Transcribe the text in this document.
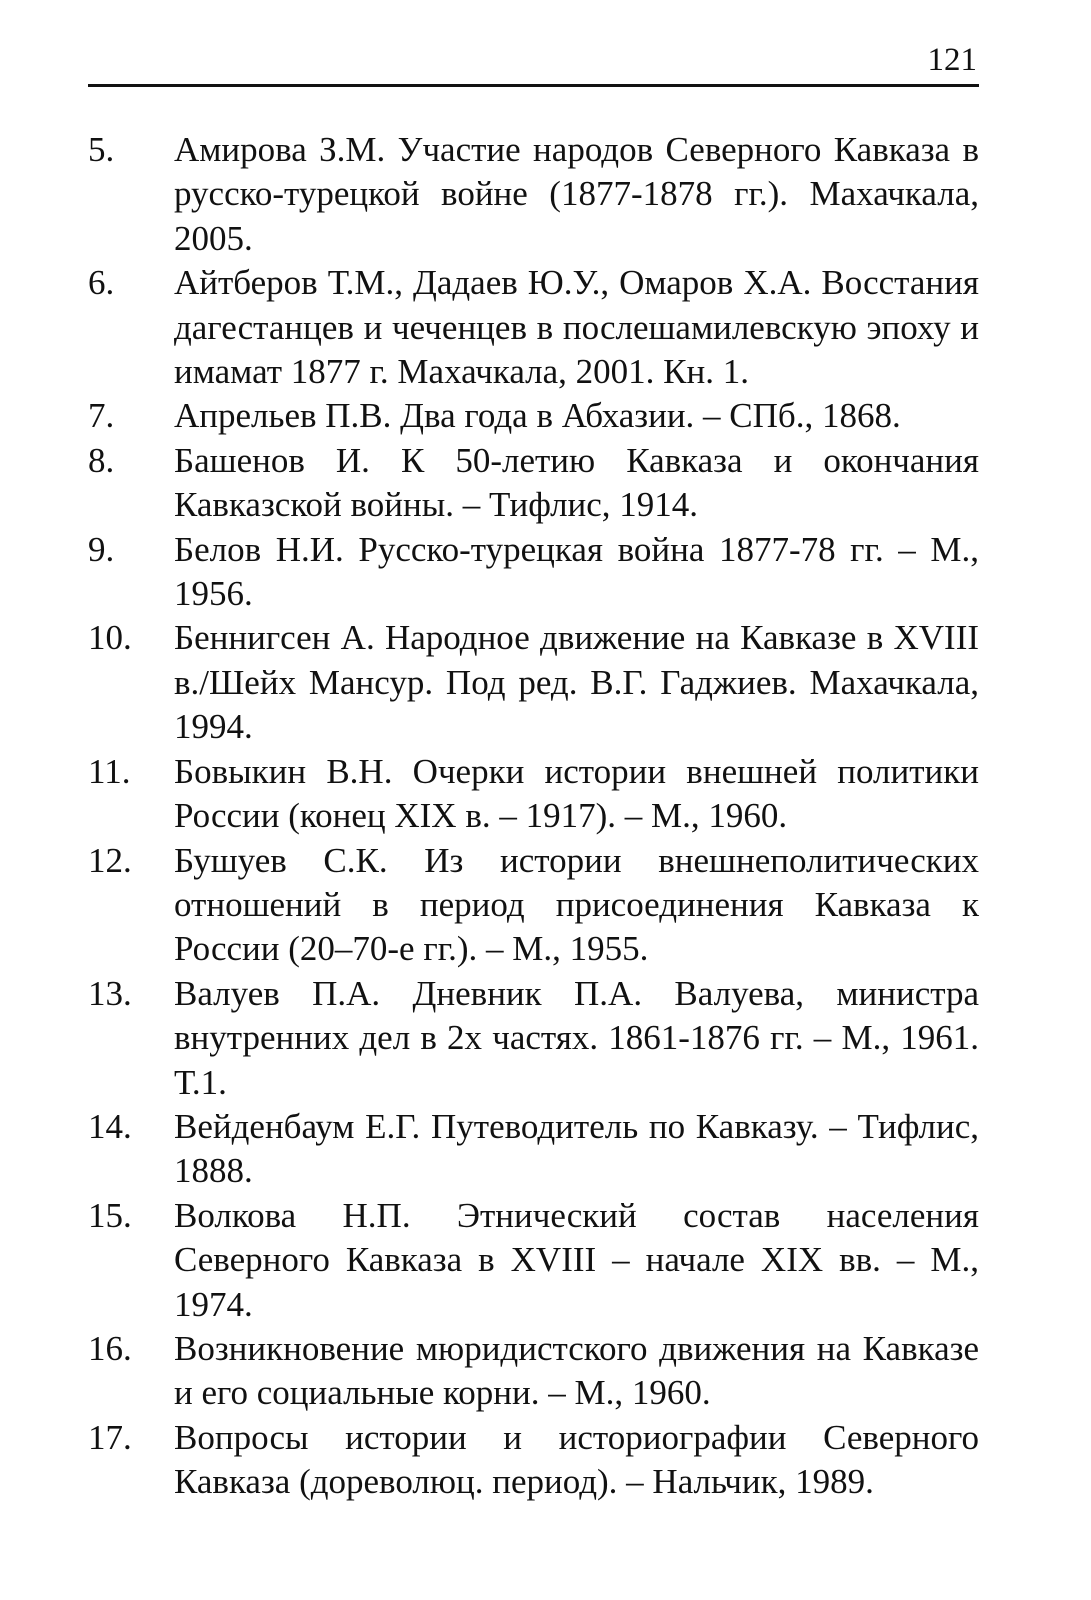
121
5. Амирова З.М. Участие народов Северного Кавказа в русско-турецкой войне (1877-1878 гг.). Махачкала, 2005.
6. Айтберов Т.М., Дадаев Ю.У., Омаров Х.А. Восстания дагестанцев и чеченцев в послешамилевскую эпоху и имамат 1877 г. Махачкала, 2001. Кн. 1.
7. Апрельев П.В. Два года в Абхазии. – СПб., 1868.
8. Башенов И. К 50-летию Кавказа и окончания Кавказской войны. – Тифлис, 1914.
9. Белов Н.И. Русско-турецкая война 1877-78 гг. – М., 1956.
10. Беннигсен А. Народное движение на Кавказе в XVIII в./Шейх Мансур. Под ред. В.Г. Гаджиев. Махачкала, 1994.
11. Бовыкин В.Н. Очерки истории внешней политики России (конец XIX в. – 1917). – М., 1960.
12. Бушуев С.К. Из истории внешнеполитических отношений в период присоединения Кавказа к России (20–70-е гг.). – М., 1955.
13. Валуев П.А. Дневник П.А. Валуева, министра внутренних дел в 2х частях. 1861-1876 гг. – М., 1961. Т.1.
14. Вейденбаум Е.Г. Путеводитель по Кавказу. – Тифлис, 1888.
15. Волкова Н.П. Этнический состав населения Северного Кавказа в XVIII – начале XIX вв. – М., 1974.
16. Возникновение мюридистского движения на Кавказе и его социальные корни. – М., 1960.
17. Вопросы истории и историографии Северного Кавказа (дореволюц. период). – Нальчик, 1989.
